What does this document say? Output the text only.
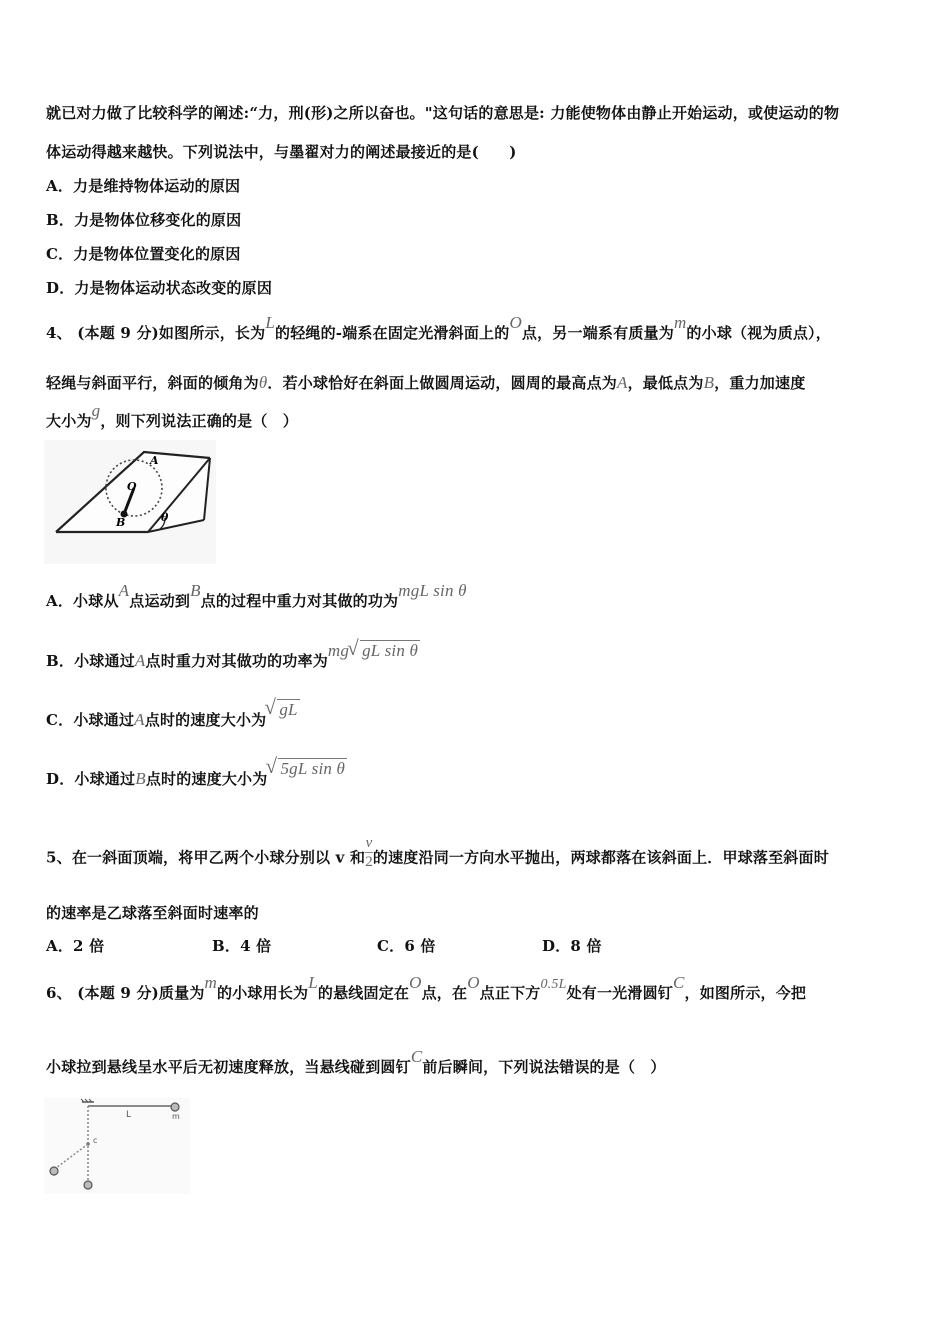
就已对力做了比较科学的阐述:“力，刑(形)之所以奋也。"这句话的意思是: 力能使物体由静止开始运动，或使运动的物
体运动得越来越快。下列说法中，与墨翟对力的阐述最接近的是(　　)
A．力是维持物体运动的原因
B．力是物体位移变化的原因
C．力是物体位置变化的原因
D．力是物体运动状态改变的原因
4、 (本题 9 分)如图所示，长为L的轻绳的-端系在固定光滑斜面上的O点，另一端系有质量为m的小球（视为质点），
轻绳与斜面平行，斜面的倾角为θ．若小球恰好在斜面上做圆周运动，圆周的最高点为A，最低点为B，重力加速度
大小为g，则下列说法正确的是（　）
A
O
B	θ
A．小球从A点运动到B点的过程中重力对其做的功为mgL sin θ
B．小球通过A点时重力对其做功的功率为mg√ gL sin θ
C．小球通过A点时的速度大小为√ gL
D．小球通过B点时的速度大小为√ 5gL sin θ
5、在一斜面顶端，将甲乙两个小球分别以 v 和 $\frac{v}{2}$ 的速度沿同一方向水平抛出，两球都落在该斜面上．甲球落至斜面时
的速率是乙球落至斜面时速率的
A．2 倍	B．4 倍	C．6 倍	D．8 倍
6、 (本题 9 分)质量为m的小球用长为L的悬线固定在O点，在O点正下方0.5L处有一光滑圆钉C，如图所示，今把
小球拉到悬线呈水平后无初速度释放，当悬线碰到圆钉C前后瞬间，下列说法错误的是（　）
L	m
c
